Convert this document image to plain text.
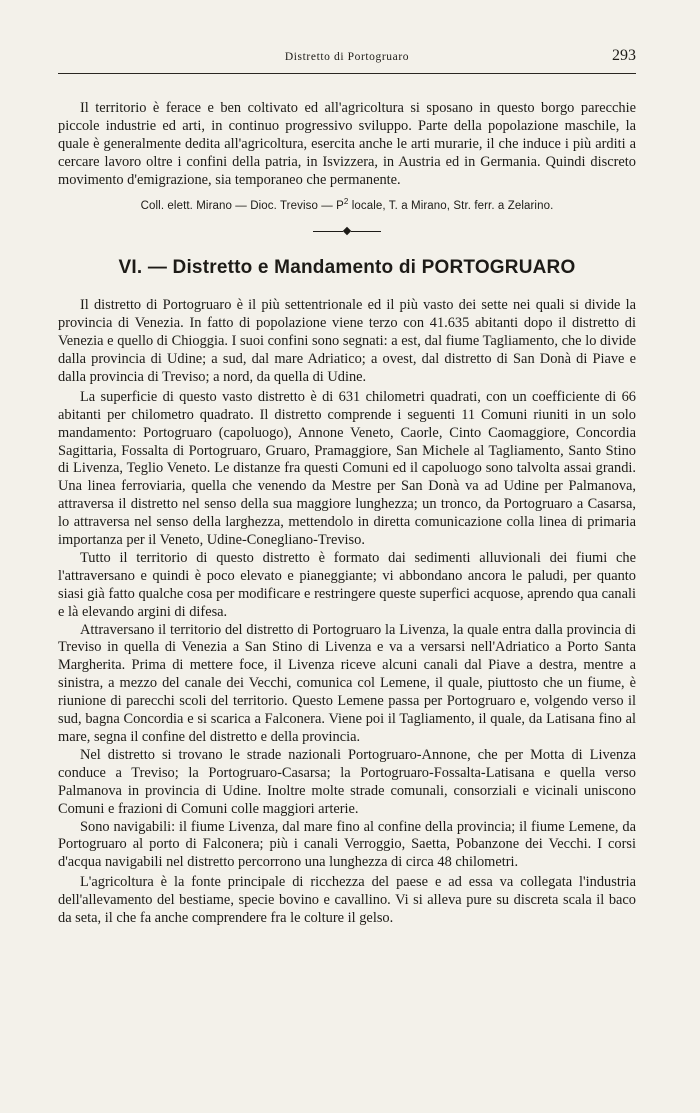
Distretto di Portogruaro	293

Il territorio è ferace e ben coltivato ed all'agricoltura si sposano in questo borgo parecchie piccole industrie ed arti, in continuo progressivo sviluppo. Parte della popolazione maschile, la quale è generalmente dedita all'agricoltura, esercita anche le arti murarie, il che induce i più arditi a cercare lavoro oltre i confini della patria, in Isvizzera, in Austria ed in Germania. Quindi discreto movimento d'emigrazione, sia temporaneo che permanente.

Coll. elett. Mirano — Dioc. Treviso — $P^2$ locale, T. a Mirano, Str. ferr. a Zelarino.

VI. — Distretto e Mandamento di PORTOGRUARO

Il distretto di Portogruaro è il più settentrionale ed il più vasto dei sette nei quali si divide la provincia di Venezia. In fatto di popolazione viene terzo con 41.635 abitanti dopo il distretto di Venezia e quello di Chioggia. I suoi confini sono segnati: a est, dal fiume Tagliamento, che lo divide dalla provincia di Udine; a sud, dal mare Adriatico; a ovest, dal distretto di San Donà di Piave e dalla provincia di Treviso; a nord, da quella di Udine.

La superficie di questo vasto distretto è di 631 chilometri quadrati, con un coefficiente di 66 abitanti per chilometro quadrato. Il distretto comprende i seguenti 11 Comuni riuniti in un solo mandamento: Portogruaro (capoluogo), Annone Veneto, Caorle, Cinto Caomaggiore, Concordia Sagittaria, Fossalta di Portogruaro, Gruaro, Pramaggiore, San Michele al Tagliamento, Santo Stino di Livenza, Teglio Veneto. Le distanze fra questi Comuni ed il capoluogo sono talvolta assai grandi. Una linea ferroviaria, quella che venendo da Mestre per San Donà va ad Udine per Palmanova, attraversa il distretto nel senso della sua maggiore lunghezza; un tronco, da Portogruaro a Casarsa, lo attraversa nel senso della larghezza, mettendolo in diretta comunicazione colla linea di primaria importanza per il Veneto, Udine-Conegliano-Treviso.

Tutto il territorio di questo distretto è formato dai sedimenti alluvionali dei fiumi che l'attraversano e quindi è poco elevato e pianeggiante; vi abbondano ancora le paludi, per quanto siasi già fatto qualche cosa per modificare e restringere queste superfici acquose, aprendo qua canali e là elevando argini di difesa.

Attraversano il territorio del distretto di Portogruaro la Livenza, la quale entra dalla provincia di Treviso in quella di Venezia a San Stino di Livenza e va a versarsi nell'Adriatico a Porto Santa Margherita. Prima di mettere foce, il Livenza riceve alcuni canali dal Piave a destra, mentre a sinistra, a mezzo del canale dei Vecchi, comunica col Lemene, il quale, piuttosto che un fiume, è riunione di parecchi scoli del territorio. Questo Lemene passa per Portogruaro e, volgendo verso il sud, bagna Concordia e si scarica a Falconera. Viene poi il Tagliamento, il quale, da Latisana fino al mare, segna il confine del distretto e della provincia.

Nel distretto si trovano le strade nazionali Portogruaro-Annone, che per Motta di Livenza conduce a Treviso; la Portogruaro-Casarsa; la Portogruaro-Fossalta-Latisana e quella verso Palmanova in provincia di Udine. Inoltre molte strade comunali, consorziali e vicinali uniscono Comuni e frazioni di Comuni colle maggiori arterie.

Sono navigabili: il fiume Livenza, dal mare fino al confine della provincia; il fiume Lemene, da Portogruaro al porto di Falconera; più i canali Verroggio, Saetta, Pobanzone dei Vecchi. I corsi d'acqua navigabili nel distretto percorrono una lunghezza di circa 48 chilometri.

L'agricoltura è la fonte principale di ricchezza del paese e ad essa va collegata l'industria dell'allevamento del bestiame, specie bovino e cavallino. Vi si alleva pure su discreta scala il baco da seta, il che fa anche comprendere fra le colture il gelso.
